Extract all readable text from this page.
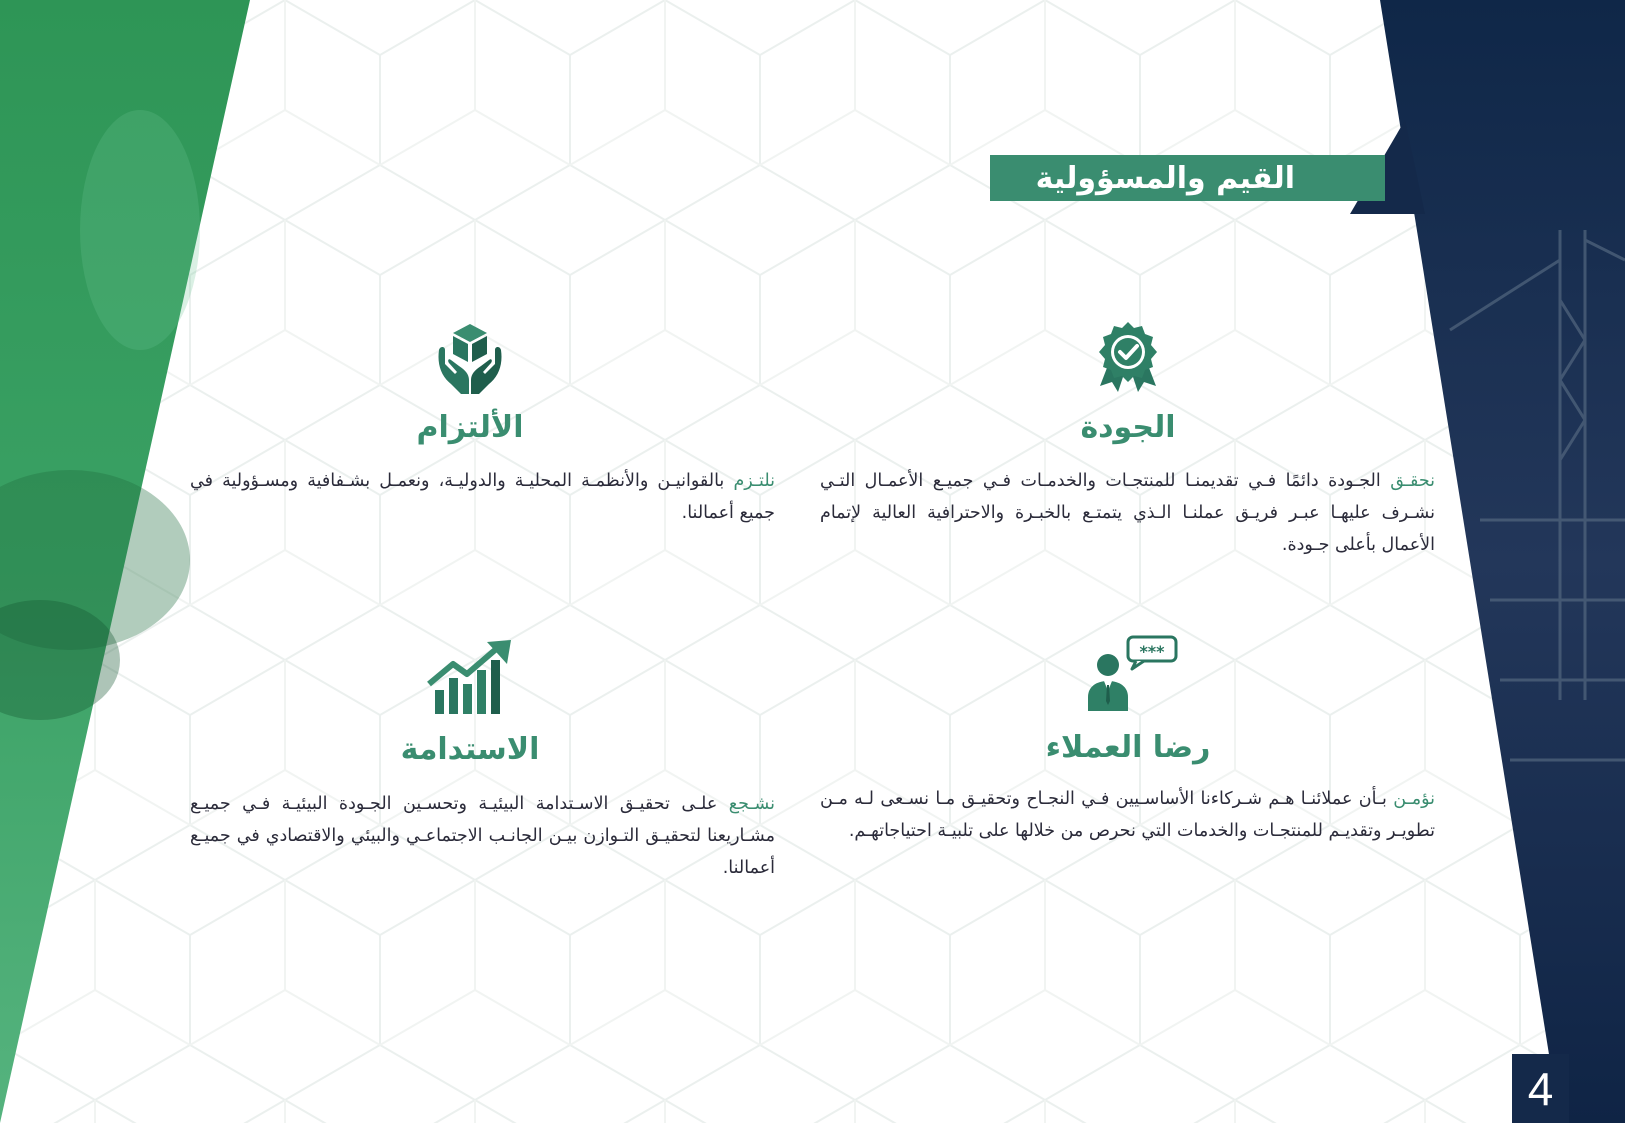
القيم والمسؤولية
الجودة
نحقـق الجـودة دائمًا فـي تقديمنـا للمنتجـات والخدمـات فـي جميـع الأعمـال التـي نشـرف عليهـا عبـر فريـق عملنـا الـذي يتمتـع بالخبـرة والاحترافية العالية لإتمام الأعمال بأعلى جـودة.
الألتزام
نلتـزم بالقوانيـن والأنظمـة المحليـة والدوليـة، ونعمـل بشـفافية ومسـؤولية في جميع أعمالنا.
***
رضا العملاء
نؤمـن بـأن عملائنـا هـم شـركاءنا الأساسـيين فـي النجـاح وتحقيـق مـا نسـعى لـه مـن تطويـر وتقديـم للمنتجـات والخدمات التي نحرص من خلالها على تلبيـة احتياجاتهـم.
الاستدامة
نشـجع علـى تحقيـق الاسـتدامة البيئيـة وتحسـين الجـودة البيئيـة فـي جميـع مشـاريعنا لتحقيـق التـوازن بيـن الجانـب الاجتماعـي والبيئي والاقتصادي في جميـع أعمالنا.
4
